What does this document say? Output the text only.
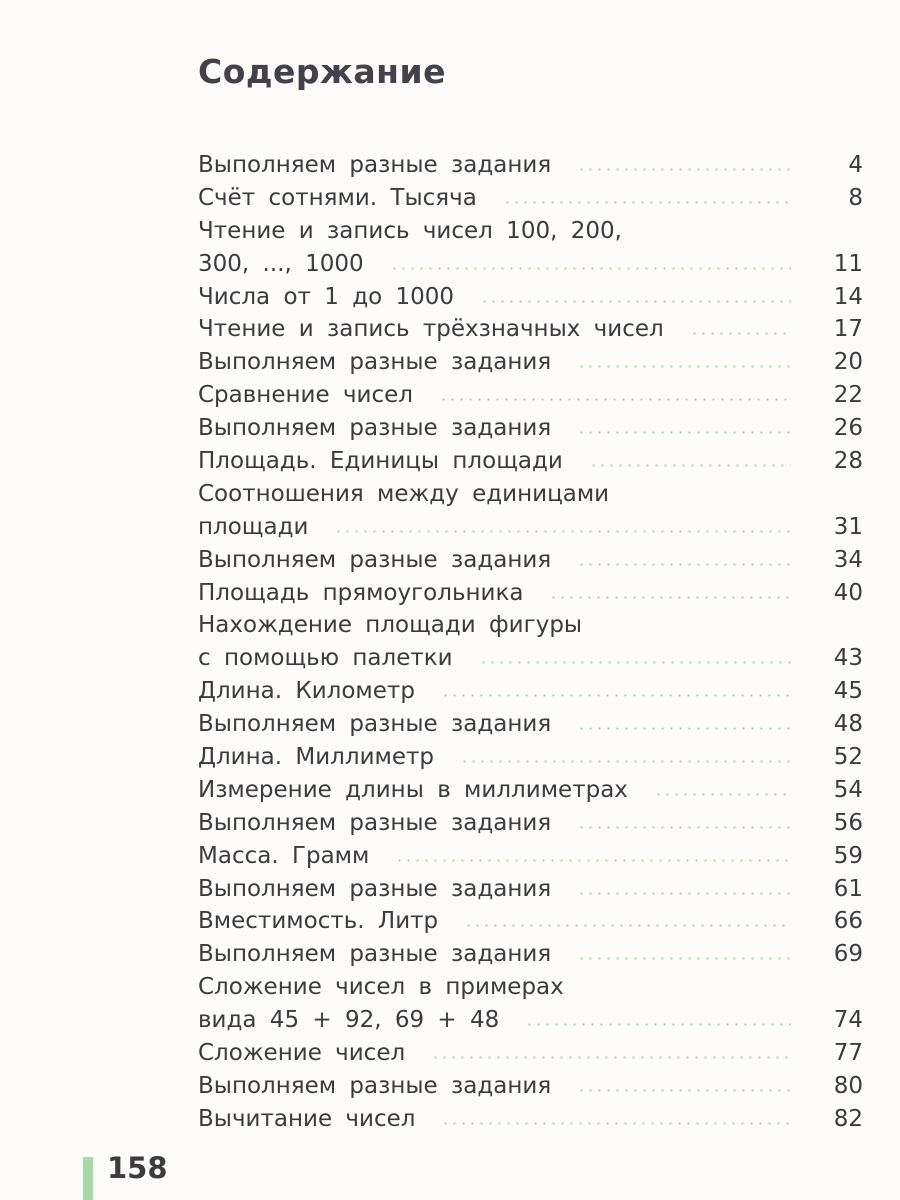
Содержание
Выполняем разные задания	4
Счёт сотнями. Тысяча	8
Чтение и запись чисел 100, 200,
300, ..., 1000	11
Числа от 1 до 1000	14
Чтение и запись трёхзначных чисел	17
Выполняем разные задания	20
Сравнение чисел	22
Выполняем разные задания	26
Площадь. Единицы площади	28
Соотношения между единицами
площади	31
Выполняем разные задания	34
Площадь прямоугольника	40
Нахождение площади фигуры
с помощью палетки	43
Длина. Километр	45
Выполняем разные задания	48
Длина. Миллиметр	52
Измерение длины в миллиметрах	54
Выполняем разные задания	56
Масса. Грамм	59
Выполняем разные задания	61
Вместимость. Литр	66
Выполняем разные задания	69
Сложение чисел в примерах
вида 45 + 92, 69 + 48	74
Сложение чисел	77
Выполняем разные задания	80
Вычитание чисел	82
158
